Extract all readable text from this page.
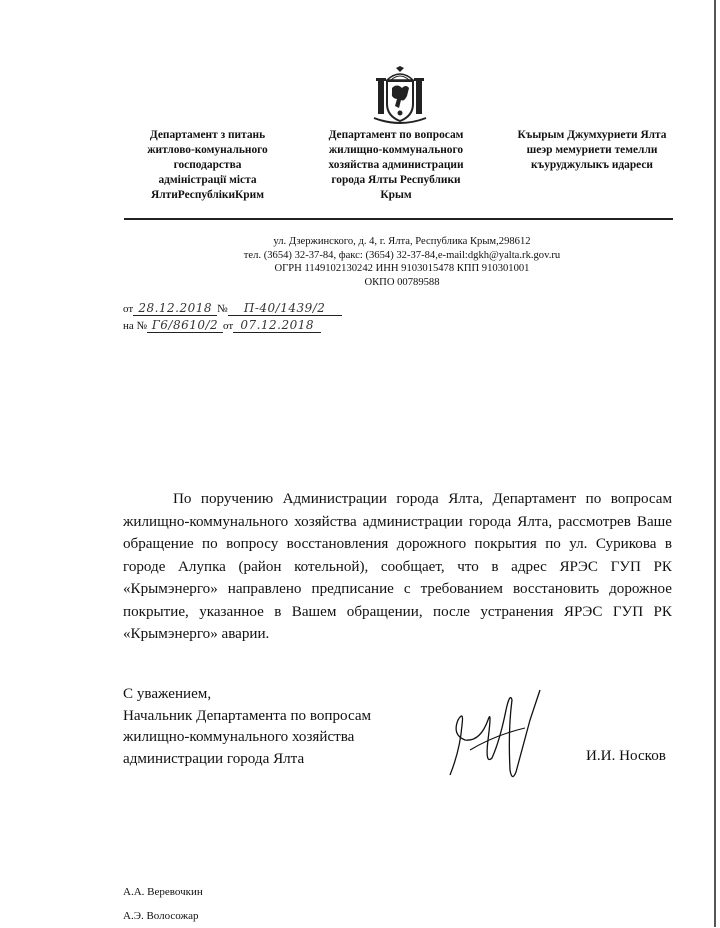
Департамент з питань
житлово-комунального
господарства
адміністрації міста
ЯлтиРеспублікиКрим
Департамент по вопросам
жилищно-коммунального
хозяйства администрации
города Ялты Республики
Крым
Къырым Джумхуриети Ялта
шеэр мемуриети темелли
къуруджулыкъ идареси
ул. Дзержинского, д. 4, г. Ялта, Республика Крым,298612
тел. (3654) 32-37-84, факс: (3654) 32-37-84,e-mail:dgkh@yalta.rk.gov.ru
ОГРН 1149102130242 ИНН 9103015478 КПП 910301001
ОКПО 00789588
от 28.12.2018 № П-40/1439/2
на № Г6/8610/2 от 07.12.2018

По поручению Администрации города Ялта, Департамент по вопросам жилищно-коммунального хозяйства администрации города Ялта, рассмотрев Ваше обращение по вопросу восстановления дорожного покрытия по ул. Сурикова в городе Алупка (район котельной), сообщает, что в адрес ЯРЭС ГУП РК «Крымэнерго» направлено предписание с требованием восстановить дорожное покрытие, указанное в Вашем обращении, после устранения ЯРЭС ГУП РК «Крымэнерго» аварии.

С уважением,
Начальник Департамента по вопросам
жилищно-коммунального хозяйства
администрации города Ялта	И.И. Носков
А.А. Веревочкин
А.Э. Волосожар
